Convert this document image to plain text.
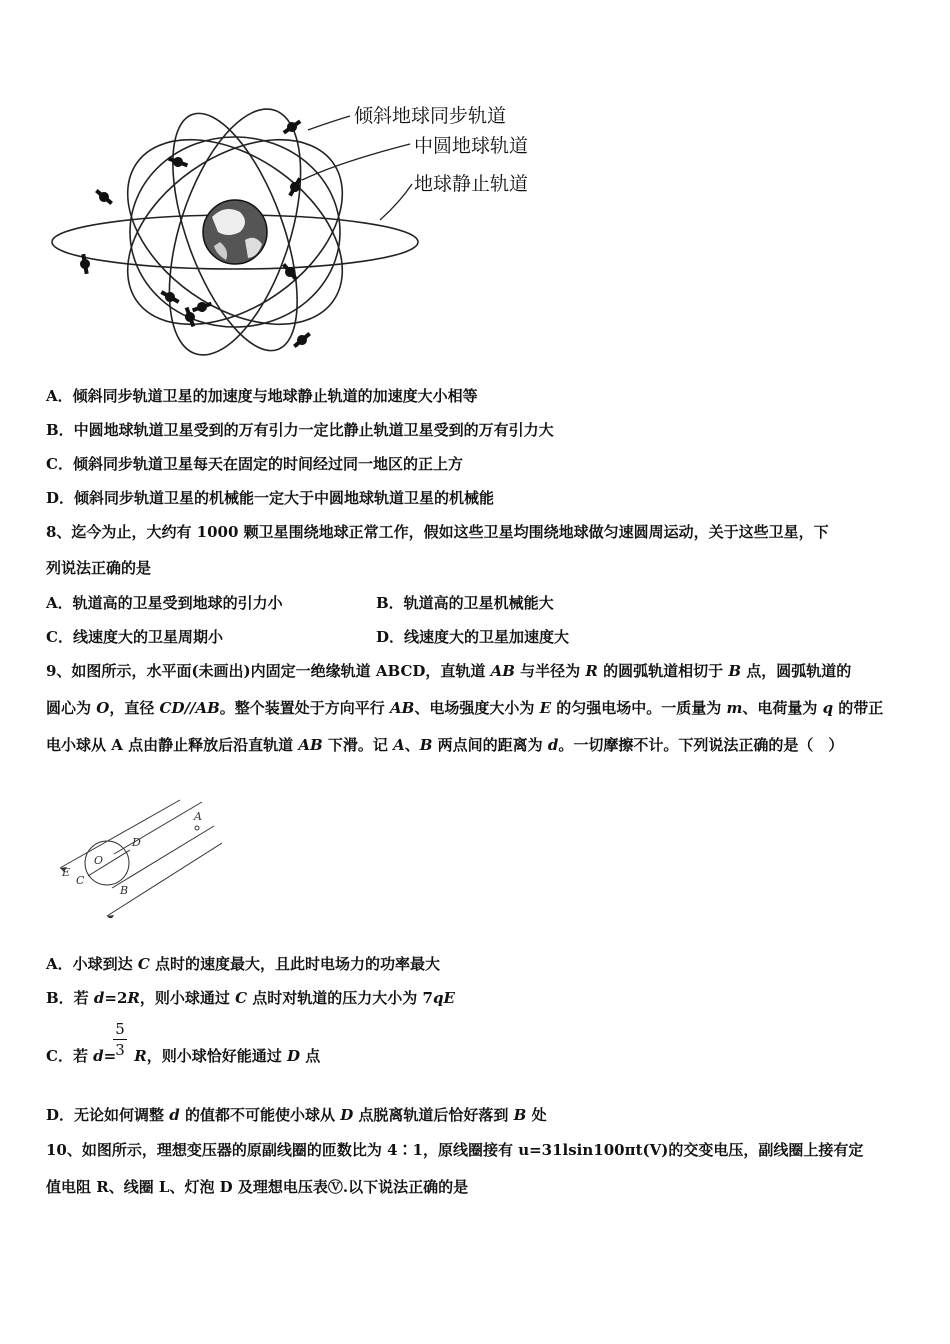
倾斜地球同步轨道
中圆地球轨道
地球静止轨道
A．倾斜同步轨道卫星的加速度与地球静止轨道的加速度大小相等
B．中圆地球轨道卫星受到的万有引力一定比静止轨道卫星受到的万有引力大
C．倾斜同步轨道卫星每天在固定的时间经过同一地区的正上方
D．倾斜同步轨道卫星的机械能一定大于中圆地球轨道卫星的机械能
8、迄今为止，大约有 1000 颗卫星围绕地球正常工作，假如这些卫星均围绕地球做匀速圆周运动，关于这些卫星，下
列说法正确的是
A．轨道高的卫星受到地球的引力小	B．轨道高的卫星机械能大
C．线速度大的卫星周期小	D．线速度大的卫星加速度大
9、如图所示，水平面(未画出)内固定一绝缘轨道 ABCD，直轨道 AB 与半径为 R 的圆弧轨道相切于 B 点，圆弧轨道的
圆心为 O，直径 CD//AB。整个装置处于方向平行 AB、电场强度大小为 E 的匀强电场中。一质量为 m、电荷量为 q 的带正
电小球从 A 点由静止释放后沿直轨道 AB 下滑。记 A、B 两点间的距离为 d。一切摩擦不计。下列说法正确的是（　）
D
A
O
E
C
B
A．小球到达 C 点时的速度最大，且此时电场力的功率最大
B．若 d=2R，则小球通过 C 点时对轨道的压力大小为 7qE
5
3
C．若 d= R，则小球恰好能通过 D 点
D．无论如何调整 d 的值都不可能使小球从 D 点脱离轨道后恰好落到 B 处
10、如图所示，理想变压器的原副线圈的匝数比为 4∶1，原线圈接有 u=31lsin100πt(V)的交变电压，副线圈上接有定
值电阻 R、线圈 L、灯泡 D 及理想电压表Ⓥ.以下说法正确的是
